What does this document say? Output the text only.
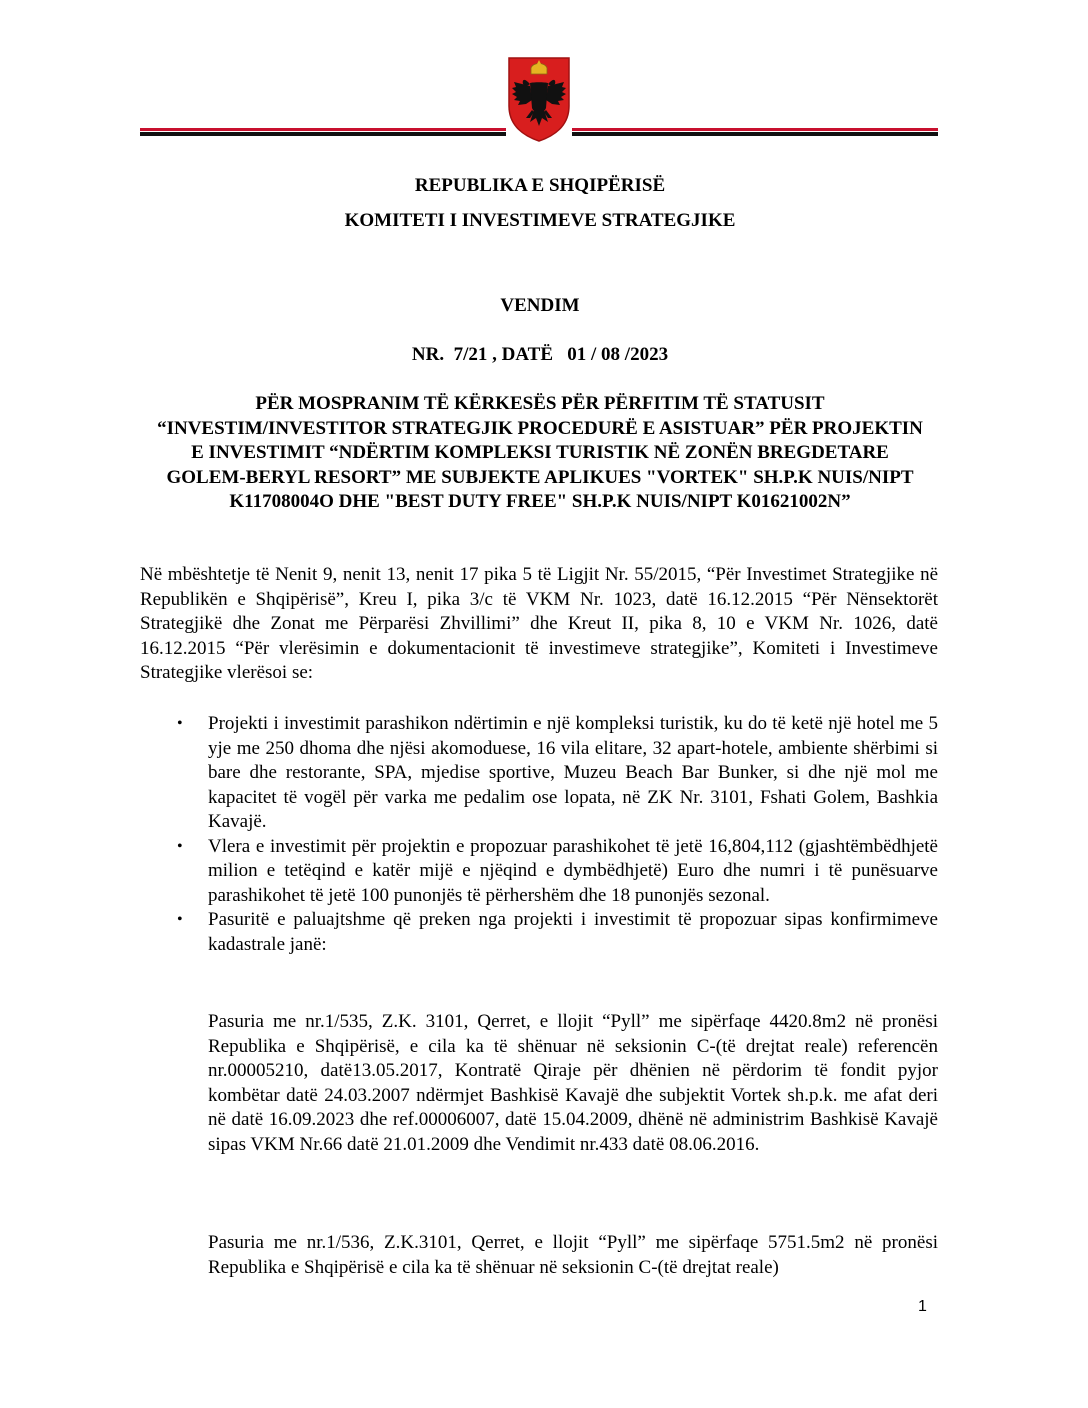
REPUBLIKA E SHQIPËRISË
KOMITETI I INVESTIMEVE STRATEGJIKE
VENDIM
NR.  7/21 , DATË   01 / 08 /2023
PËR MOSPRANIM TË KËRKESËS PËR PËRFITIM TË STATUSIT “INVESTIM/INVESTITOR STRATEGJIK PROCEDURË E ASISTUAR” PËR PROJEKTIN E INVESTIMIT “NDËRTIM KOMPLEKSI TURISTIK NË ZONËN BREGDETARE GOLEM-BERYL RESORT” ME SUBJEKTE APLIKUES "VORTEK" SH.P.K NUIS/NIPT K11708004O DHE "BEST DUTY FREE" SH.P.K NUIS/NIPT K01621002N”
Në mbështetje të Nenit 9, nenit 13, nenit 17 pika 5 të Ligjit Nr. 55/2015, “Për Investimet Strategjike në Republikën e Shqipërisë”, Kreu I, pika 3/c të VKM Nr. 1023, datë 16.12.2015 “Për Nënsektorët Strategjikë dhe Zonat me Përparësi Zhvillimi” dhe Kreut II, pika 8, 10 e VKM Nr. 1026, datë 16.12.2015 “Për vlerësimin e dokumentacionit të investimeve strategjike”, Komiteti i Investimeve Strategjike vlerësoi se:
• Projekti i investimit parashikon ndërtimin e një kompleksi turistik, ku do të ketë një hotel me 5 yje me 250 dhoma dhe njësi akomoduese, 16 vila elitare, 32 apart-hotele, ambiente shërbimi si bare dhe restorante, SPA, mjedise sportive, Muzeu Beach Bar Bunker, si dhe një mol me kapacitet të vogël për varka me pedalim ose lopata, në ZK Nr. 3101, Fshati Golem, Bashkia Kavajë.
• Vlera e investimit për projektin e propozuar parashikohet të jetë 16,804,112 (gjashtëmbëdhjetë milion e tetëqind e katër mijë e njëqind e dymbëdhjetë) Euro dhe numri i të punësuarve parashikohet të jetë 100 punonjës të përhershëm dhe 18 punonjës sezonal.
• Pasuritë e paluajtshme që preken nga projekti i investimit të propozuar sipas konfirmimeve kadastrale janë:
Pasuria me nr.1/535, Z.K. 3101, Qerret, e llojit “Pyll” me sipërfaqe 4420.8m2 në pronësi Republika e Shqipërisë, e cila ka të shënuar në seksionin C-(të drejtat reale) referencën nr.00005210, datë13.05.2017, Kontratë Qiraje për dhënien në përdorim të fondit pyjor kombëtar datë 24.03.2007 ndërmjet Bashkisë Kavajë dhe subjektit Vortek sh.p.k. me afat deri në datë 16.09.2023 dhe ref.00006007, datë 15.04.2009, dhënë në administrim Bashkisë Kavajë sipas VKM Nr.66 datë 21.01.2009 dhe Vendimit nr.433 datë 08.06.2016.
Pasuria me nr.1/536, Z.K.3101, Qerret, e llojit “Pyll” me sipërfaqe 5751.5m2 në pronësi Republika e Shqipërisë e cila ka të shënuar në seksionin C-(të drejtat reale)
1
